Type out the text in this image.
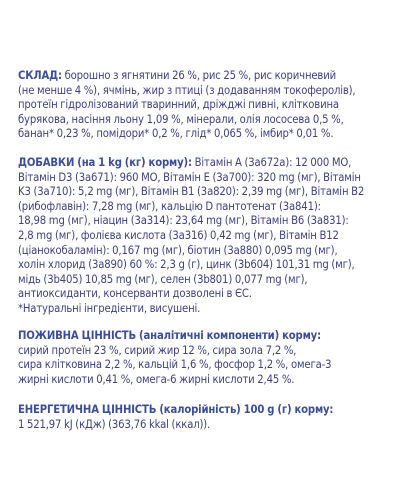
СКЛАД: борошно з ягнятини 26 %, рис 25 %, рис коричневий
(не менше 4 %), ячмінь, жир з птиці (з додаванням токоферолів),
протеїн гідролізований тваринний, дріжджі пивні, клітковина
бурякова, насіння льону 1,09 %, мінерали, олія лососева 0,5 %,
банан* 0,23 %, помідори* 0,2 %, глід* 0,065 %, імбир* 0,01 %.
ДОБАВКИ (на 1 kg (кг) корму): Вітамін A (3a672a): 12 000 МО,
Вітамін D3 (3a671): 960 МО, Вітамін E (3a700): 320 mg (мг), Вітамін
K3 (3a710): 5,2 mg (мг), Вітамін B1 (3a820): 2,39 mg (мг), Вітамін B2
(рибофлавін): 7,28 mg (мг), кальцію D пантотенат (3a841):
18,98 mg (мг), ніацин (3a314): 23,64 mg (мг), Вітамін B6 (3a831):
2,8 mg (мг), фолієва кислота (3a316) 0,42 mg (мг), Вітамін B12
(ціанокобаламін): 0,167 mg (мг), біотин (3a880) 0,095 mg (мг),
холін хлорид (3a890) 60 %: 2,3 g (г), цинк (3b604) 101,31 mg (мг),
мідь (3b405) 10,85 mg (мг), селен (3b801) 0,077 mg (мг),
антиоксиданти, консерванти дозволені в ЄС.
*Натуральні інгредієнти, висушені.
ПОЖИВНА ЦІННІСТЬ (аналітичні компоненти) корму:
сирий протеїн 23 %, сирий жир 12 %, сира зола 7,2 %,
сира клітковина 2,2 %, кальцій 1,6 %, фосфор 1,2 %, омега-3
жирні кислоти 0,41 %, омега-6 жирні кислоти 2,45 %.
ЕНЕРГЕТИЧНА ЦІННІСТЬ (калорійність) 100 g (г) корму:
1 521,97 kJ (кДж) (363,76 kkal (ккал)).
